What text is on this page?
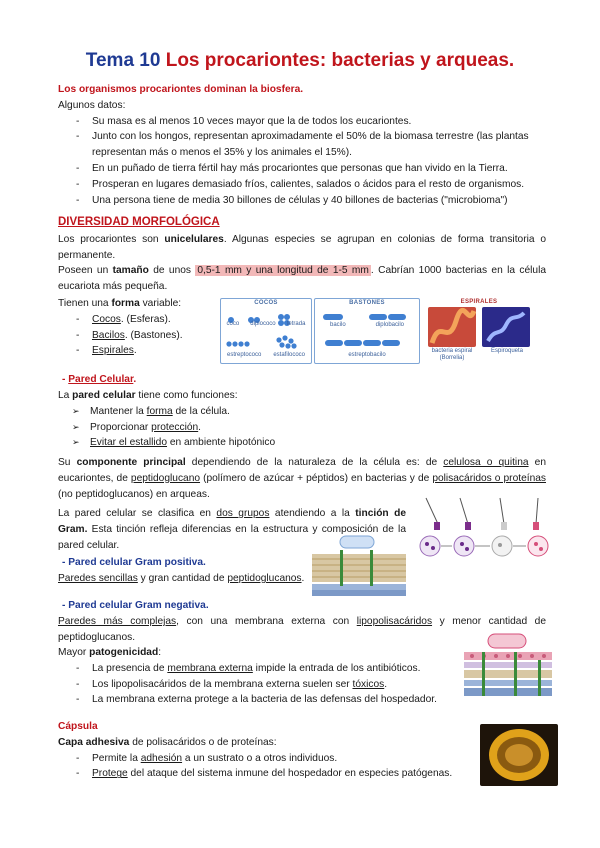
Tema 10 Los procariontes: bacterias y arqueas.
Los organismos procariontes dominan la biosfera.
Algunos datos:
- Su masa es al menos 10 veces mayor que la de todos los eucariontes.
- Junto con los hongos, representan aproximadamente el 50% de la biomasa terrestre (las plantas representan más o menos el 35% y los animales el 15%).
- En un puñado de tierra fértil hay más procariontes que personas que han vivido en la Tierra.
- Prosperan en lugares demasiado fríos, calientes, salados o ácidos para el resto de organismos.
- Una persona tiene de media 30 billones de células y 40 billones de bacterias ("microbioma")
DIVERSIDAD MORFOLÓGICA

Los procariontes son unicelulares. Algunas especies se agrupan en colonias de forma transitoria o permanente.

Poseen un tamaño de unos 0,5-1 mm y una longitud de 1-5 mm . Cabrían 1000 bacterias en la célula eucariota más pequeña.

Tienen una forma variable:
- Cocos. (Esferas).
- Bacilos. (Bastones).
- Espirales.
COCOS
coco diplococo tetrada
estreptococo estafilococo
BASTONES
bacilo	diplobacilo
estreptobacilo
ESPIRALES
bacteria espiral (Borrelia)
Espiroqueta
- Pared Celular.
La pared celular tiene como funciones:
➢ Mantener la forma de la célula.
➢ Proporcionar protección.
➢ Evitar el estallido en ambiente hipotónico
Su componente principal dependiendo de la naturaleza de la célula es: de celulosa o quitina en eucariontes, de peptidoglucano (polímero de azúcar + péptidos) en bacterias y de polisacáridos o proteínas (no peptidoglucanos) en arqueas.
La pared celular se clasifica en dos grupos atendiendo a la tinción de Gram. Esta tinción refleja diferencias en la estructura y composición de la pared celular.
- Pared celular Gram positiva.
Paredes sencillas y gran cantidad de peptidoglucanos.
- Pared celular Gram negativa.
Paredes más complejas, con una membrana externa con lipopolisacáridos y menor cantidad de peptidoglucanos.
Mayor patogenicidad:
- La presencia de membrana externa impide la entrada de los antibióticos.
- Los lipopolisacáridos de la membrana externa suelen ser tóxicos.
- La membrana externa protege a la bacteria de las defensas del hospedador.
Cápsula
Capa adhesiva de polisacáridos o de proteínas:
- Permite la adhesión a un sustrato o a otros individuos.
- Protege del ataque del sistema inmune del hospedador en especies patógenas.
